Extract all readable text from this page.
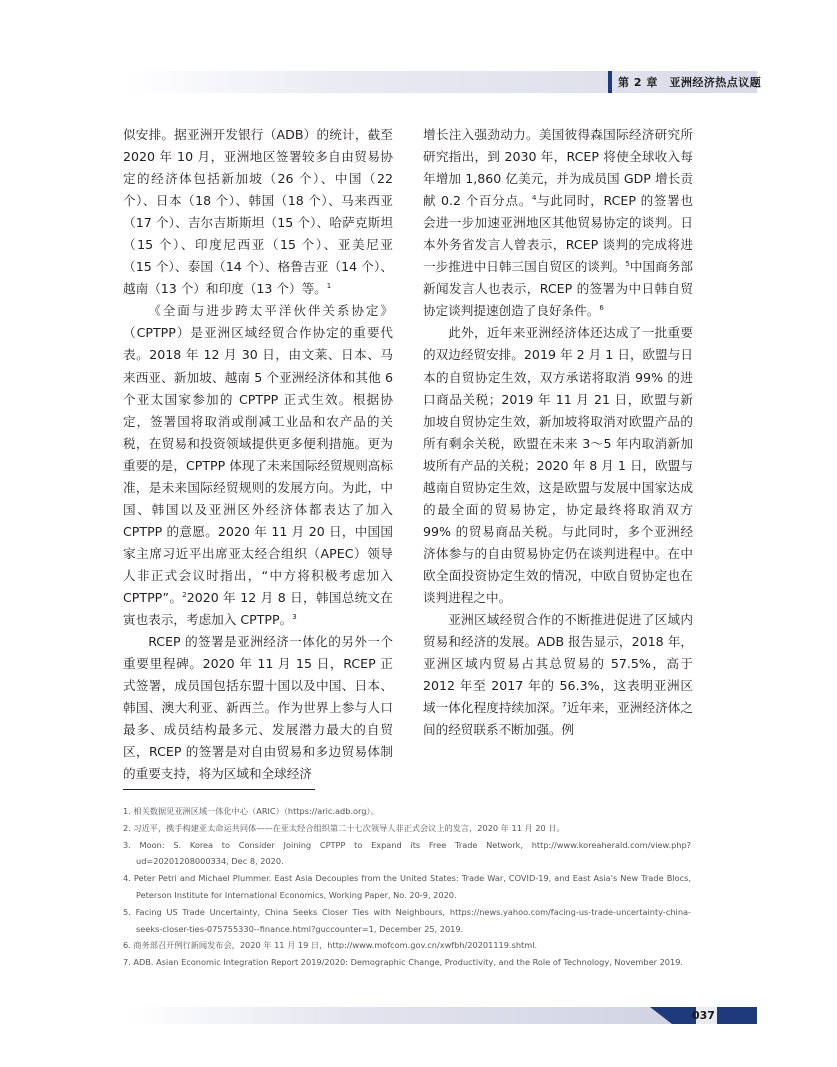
第 2 章　亚洲经济热点议题

似安排。据亚洲开发银行（ADB）的统计，截至 2020 年 10 月，亚洲地区签署较多自由贸易协定的经济体包括新加坡（26 个）、中国（22 个）、日本（18 个）、韩国（18 个）、马来西亚（17 个）、吉尔吉斯斯坦（15 个）、哈萨克斯坦（15 个）、印度尼西亚（15 个）、亚美尼亚（15 个）、泰国（14 个）、格鲁吉亚（14 个）、越南（13 个）和印度（13 个）等。$^1$

《全面与进步跨太平洋伙伴关系协定》（CPTPP）是亚洲区域经贸合作协定的重要代表。2018 年 12 月 30 日，由文莱、日本、马来西亚、新加坡、越南 5 个亚洲经济体和其他 6 个亚太国家参加的 CPTPP 正式生效。根据协定，签署国将取消或削减工业品和农产品的关税，在贸易和投资领域提供更多便利措施。更为重要的是，CPTPP 体现了未来国际经贸规则高标准，是未来国际经贸规则的发展方向。为此，中国、韩国以及亚洲区外经济体都表达了加入 CPTPP 的意愿。2020 年 11 月 20 日，中国国家主席习近平出席亚太经合组织（APEC）领导人非正式会议时指出，“中方将积极考虑加入 CPTPP”。$^2$2020 年 12 月 8 日，韩国总统文在寅也表示，考虑加入 CPTPP。$^3$

RCEP 的签署是亚洲经济一体化的另外一个重要里程碑。2020 年 11 月 15 日，RCEP 正式签署，成员国包括东盟十国以及中国、日本、韩国、澳大利亚、新西兰。作为世界上参与人口最多、成员结构最多元、发展潜力最大的自贸区，RCEP 的签署是对自由贸易和多边贸易体制的重要支持，将为区域和全球经济

增长注入强劲动力。美国彼得森国际经济研究所研究指出，到 2030 年，RCEP 将使全球收入每年增加 1,860 亿美元，并为成员国 GDP 增长贡献 0.2 个百分点。$^4$与此同时，RCEP 的签署也会进一步加速亚洲地区其他贸易协定的谈判。日本外务省发言人曾表示，RCEP 谈判的完成将进一步推进中日韩三国自贸区的谈判。$^5$中国商务部新闻发言人也表示，RCEP 的签署为中日韩自贸协定谈判提速创造了良好条件。$^6$

此外，近年来亚洲经济体还达成了一批重要的双边经贸安排。2019 年 2 月 1 日，欧盟与日本的自贸协定生效，双方承诺将取消 99% 的进口商品关税；2019 年 11 月 21 日，欧盟与新加坡自贸协定生效，新加坡将取消对欧盟产品的所有剩余关税，欧盟在未来 3～5 年内取消新加坡所有产品的关税；2020 年 8 月 1 日，欧盟与越南自贸协定生效，这是欧盟与发展中国家达成的最全面的贸易协定，协定最终将取消双方 99% 的贸易商品关税。与此同时，多个亚洲经济体参与的自由贸易协定仍在谈判进程中。在中欧全面投资协定生效的情况，中欧自贸协定也在谈判进程之中。

亚洲区域经贸合作的不断推进促进了区域内贸易和经济的发展。ADB 报告显示，2018 年，亚洲区域内贸易占其总贸易的 57.5%，高于 2012 年至 2017 年的 56.3%，这表明亚洲区域一体化程度持续加深。$^7$近年来，亚洲经济体之间的经贸联系不断加强。例

1. 相关数据见亚洲区域一体化中心（ARIC）（https://aric.adb.org）。
2. 习近平，携手构建亚太命运共同体——在亚太经合组织第二十七次领导人非正式会议上的发言，2020 年 11 月 20 日。
3. Moon: S. Korea to Consider Joining CPTPP to Expand its Free Trade Network, http://www.koreaherald.com/view.php?ud=20201208000334, Dec 8, 2020.
4. Peter Petri and Michael Plummer. East Asia Decouples from the United States: Trade War, COVID-19, and East Asia's New Trade Blocs, Peterson Institute for International Economics, Working Paper, No. 20-9, 2020.
5. Facing US Trade Uncertainty, China Seeks Closer Ties with Neighbours, https://news.yahoo.com/facing-us-trade-uncertainty-china-seeks-closer-ties-075755330--finance.html?guccounter=1, December 25, 2019.
6. 商务部召开例行新闻发布会，2020 年 11 月 19 日，http://www.mofcom.gov.cn/xwfbh/20201119.shtml.
7. ADB. Asian Economic Integration Report 2019/2020: Demographic Change, Productivity, and the Role of Technology, November 2019.
037
